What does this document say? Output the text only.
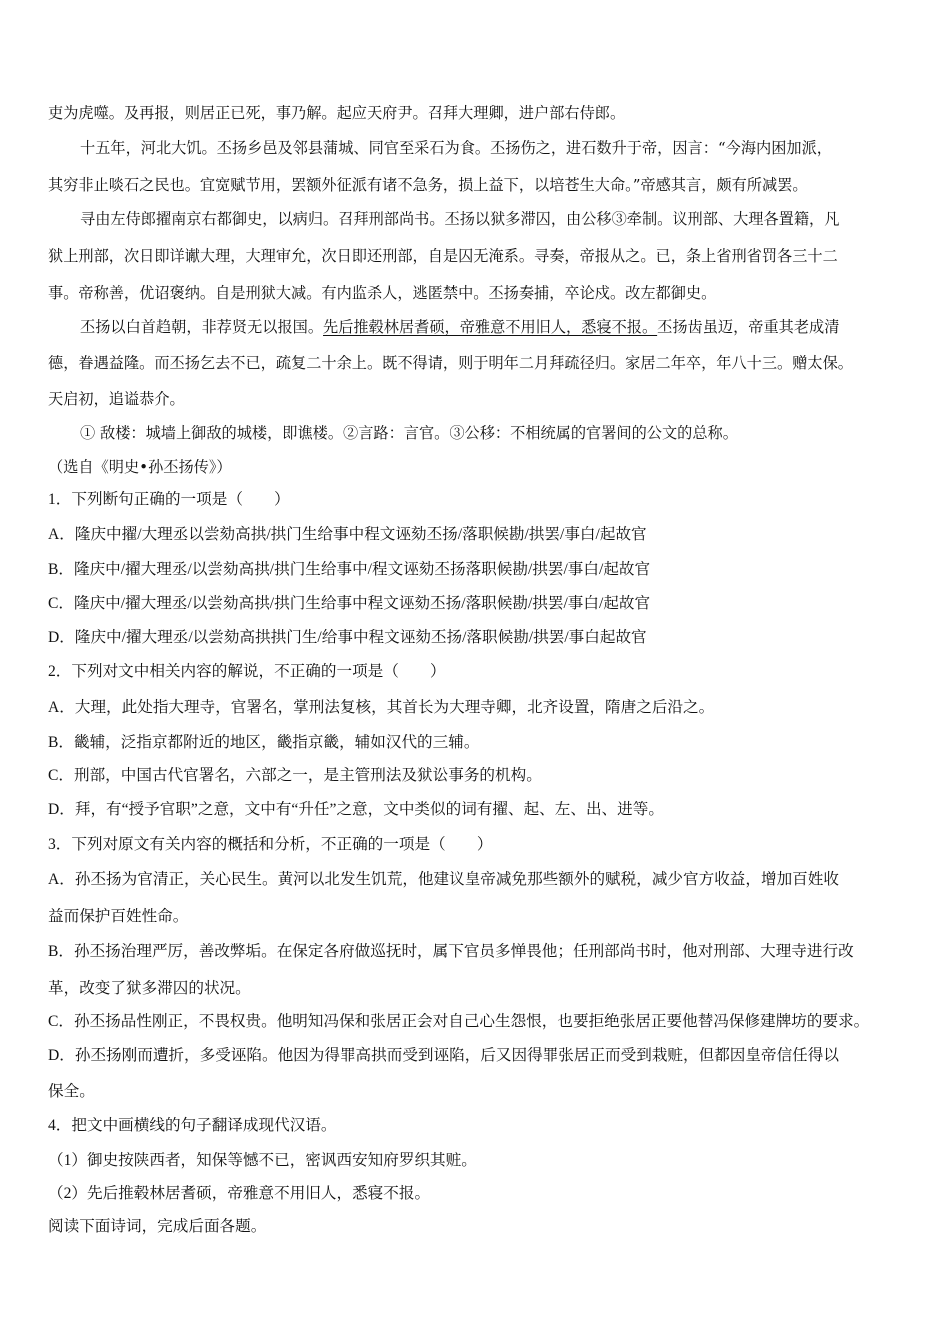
吏为虎噬。及再报，则居正已死，事乃解。起应天府尹。召拜大理卿，进户部右侍郎。
十五年，河北大饥。丕扬乡邑及邻县蒲城、同官至采石为食。丕扬伤之，进石数升于帝，因言：“今海内困加派，
其穷非止啖石之民也。宜宽赋节用，罢额外征派有诸不急务，损上益下，以培苍生大命。”帝感其言，颇有所减罢。
寻由左侍郎擢南京右都御史，以病归。召拜刑部尚书。丕扬以狱多滞囚，由公移③牵制。议刑部、大理各置籍，凡
狱上刑部，次日即详谳大理，大理审允，次日即还刑部，自是囚无淹系。寻奏，帝报从之。已，条上省刑省罚各三十二
事。帝称善，优诏褒纳。自是刑狱大减。有内监杀人，逃匿禁中。丕扬奏捕，卒论戍。改左都御史。
丕扬以白首趋朝，非荐贤无以报国。先后推毂林居耆硕，帝雅意不用旧人，悉寝不报。丕扬齿虽迈，帝重其老成清
德，眷遇益隆。而丕扬乞去不已，疏复二十余上。既不得请，则于明年二月拜疏径归。家居二年卒，年八十三。赠太保。
天启初，追谥恭介。
① 敌楼：城墙上御敌的城楼，即谯楼。②言路：言官。③公移：不相统属的官署间的公文的总称。
（选自《明史•孙丕扬传》）
1．下列断句正确的一项是（　　）
A．隆庆中擢/大理丞以尝劾高拱/拱门生给事中程文诬劾丕扬/落职候勘/拱罢/事白/起故官
B．隆庆中/擢大理丞/以尝劾高拱/拱门生给事中/程文诬劾丕扬落职候勘/拱罢/事白/起故官
C．隆庆中/擢大理丞/以尝劾高拱/拱门生给事中程文诬劾丕扬/落职候勘/拱罢/事白/起故官
D．隆庆中/擢大理丞/以尝劾高拱拱门生/给事中程文诬劾丕扬/落职候勘/拱罢/事白起故官
2．下列对文中相关内容的解说，不正确的一项是（　　）
A．大理，此处指大理寺，官署名，掌刑法复核，其首长为大理寺卿，北齐设置，隋唐之后沿之。
B．畿辅，泛指京都附近的地区，畿指京畿，辅如汉代的三辅。
C．刑部，中国古代官署名，六部之一，是主管刑法及狱讼事务的机构。
D．拜，有“授予官职”之意，文中有“升任”之意，文中类似的词有擢、起、左、出、进等。
3．下列对原文有关内容的概括和分析，不正确的一项是（　　）
A．孙丕扬为官清正，关心民生。黄河以北发生饥荒，他建议皇帝减免那些额外的赋税，减少官方收益，增加百姓收
益而保护百姓性命。
B．孙丕扬治理严厉，善改弊垢。在保定各府做巡抚时，属下官员多惮畏他；任刑部尚书时，他对刑部、大理寺进行改
革，改变了狱多滞囚的状况。
C．孙丕扬品性刚正，不畏权贵。他明知冯保和张居正会对自己心生怨恨，也要拒绝张居正要他替冯保修建牌坊的要求。
D．孙丕扬刚而遭折，多受诬陷。他因为得罪高拱而受到诬陷，后又因得罪张居正而受到栽赃，但都因皇帝信任得以
保全。
4．把文中画横线的句子翻译成现代汉语。
（1）御史按陕西者，知保等憾不已，密讽西安知府罗织其赃。
（2）先后推毂林居耆硕，帝雅意不用旧人，悉寝不报。
阅读下面诗词，完成后面各题。
